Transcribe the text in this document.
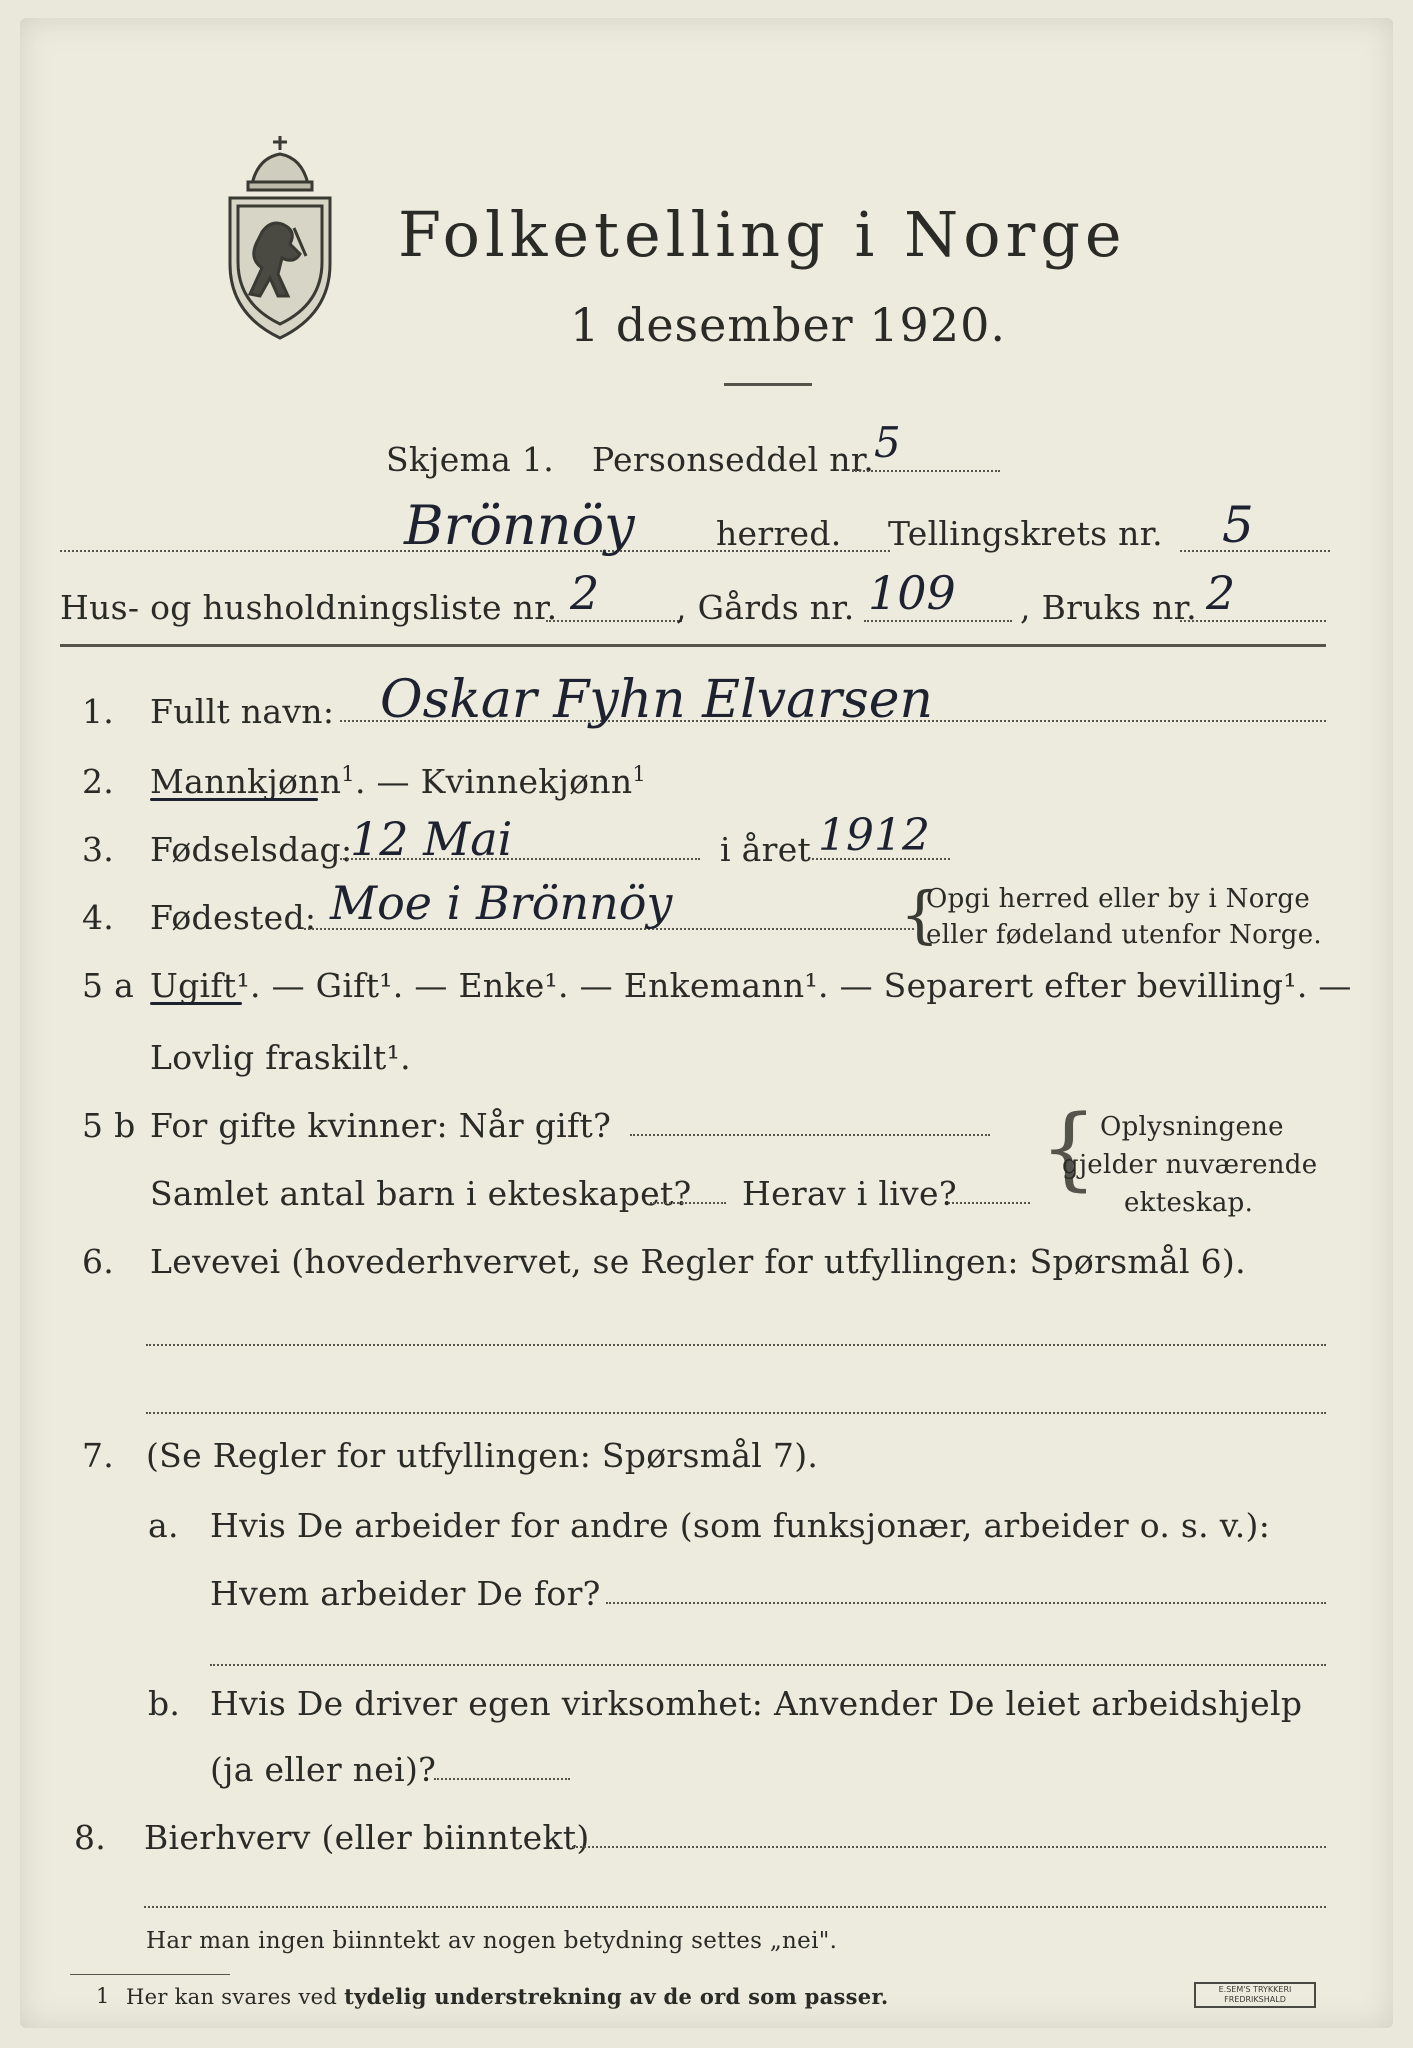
Folketelling i Norge
1 desember 1920.
Skjema 1. Personseddel nr. 5
Brönnöy herred. Tellingskrets nr. 5
Hus- og husholdningsliste nr. 2 , Gårds nr. 109 , Bruks nr. 2
1. Fullt navn: Oskar Fyhn Elvarsen
2. Mannkjønn$^1$. — Kvinnekjønn$^1$
3. Fødselsdag:
12 Mai	i året 1912
4. Fødested: Moe i Brönnöy	{
Opgi herred eller by i Norge
eller fødeland utenfor Norge.
5 a Ugift¹. — Gift¹. — Enke¹. — Enkemann¹. — Separert efter bevilling¹. —
Lovlig fraskilt¹.
5 b For gifte kvinner: Når gift?
Samlet antal barn i ekteskapet? Herav i live? { Oplysningene
gjelder nuværende
ekteskap.
6. Levevei (hovederhvervet, se Regler for utfyllingen: Spørsmål 6).
7. (Se Regler for utfyllingen: Spørsmål 7).
a. Hvis De arbeider for andre (som funksjonær, arbeider o. s. v.):
Hvem arbeider De for?
b. Hvis De driver egen virksomhet: Anvender De leiet arbeidshjelp
(ja eller nei)?
8. Bierhverv (eller biinntekt)
Har man ingen biinntekt av nogen betydning settes „nei".
1 Her kan svares ved tydelig understrekning av de ord som passer.	E.SEM'S TRYKKERI FREDRIKSHALD
